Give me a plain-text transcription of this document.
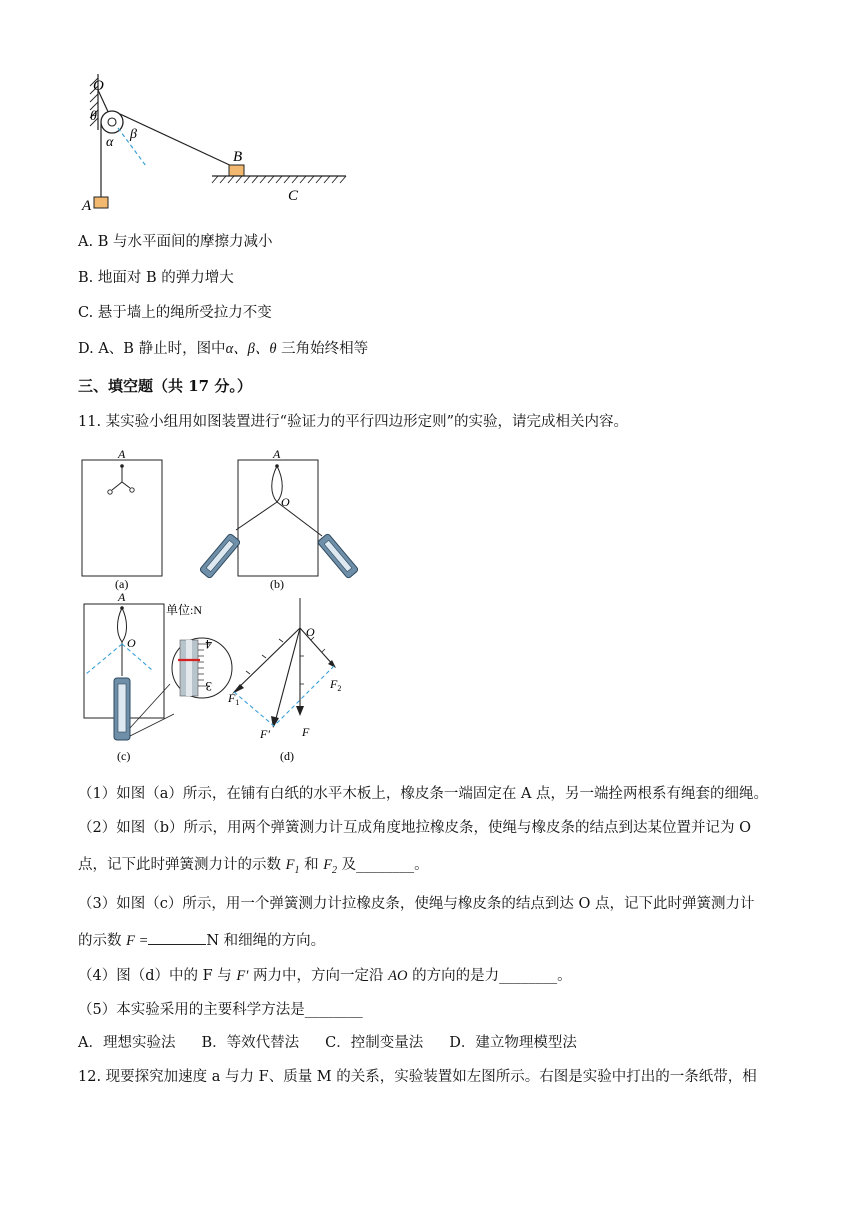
O
θ
α
β
B
C
A
A. B 与水平面间的摩擦力减小
B. 地面对 B 的弹力增大
C. 悬于墙上的绳所受拉力不变
D. A、B 静止时，图中α、β、θ 三角始终相等
三、填空题（共 17 分。）
11. 某实验小组用如图装置进行“验证力的平行四边形定则”的实验，请完成相关内容。
A
(a)
A
O
(b)
4
3
A
O
单位:N
(c)
O
$F_1$
$F_2$
F
F′
(d)
（1）如图（a）所示，在铺有白纸的水平木板上，橡皮条一端固定在 A 点，另一端拴两根系有绳套的细绳。
（2）如图（b）所示，用两个弹簧测力计互成角度地拉橡皮条，使绳与橡皮条的结点到达某位置并记为 O
点，记下此时弹簧测力计的示数 $F_1$ 和 $F_2$ 及________。
（3）如图（c）所示，用一个弹簧测力计拉橡皮条，使绳与橡皮条的结点到达 O 点，记下此时弹簧测力计
的示数 F =	N 和细绳的方向。
（4）图（d）中的 F 与 F′ 两力中，方向一定沿 AO 的方向的是力________。
（5）本实验采用的主要科学方法是________
A．理想实验法 B．等效代替法 C．控制变量法 D．建立物理模型法
12. 现要探究加速度 a 与力 F、质量 M 的关系，实验装置如左图所示。右图是实验中打出的一条纸带，相
